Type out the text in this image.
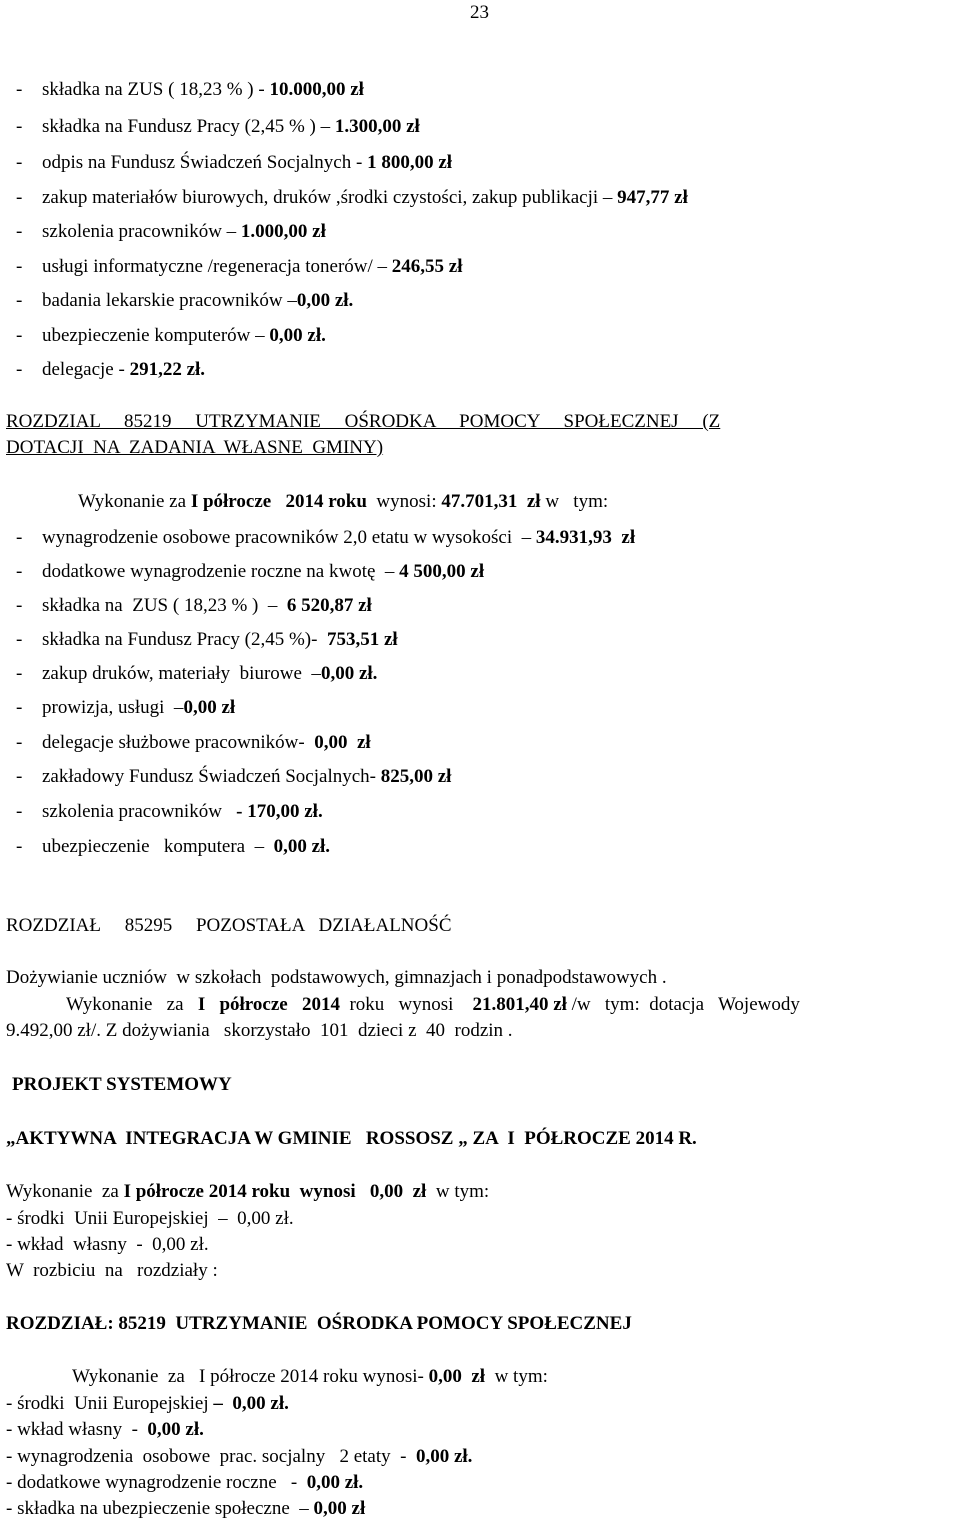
23
- składka na ZUS ( 18,23 % ) - 10.000,00 zł
- składka na Fundusz Pracy (2,45 % ) – 1.300,00 zł
- odpis na Fundusz Świadczeń Socjalnych - 1 800,00 zł
- zakup materiałów biurowych, druków ,środki czystości, zakup publikacji – 947,77 zł
- szkolenia pracowników – 1.000,00 zł
- usługi informatyczne /regeneracja tonerów/ – 246,55 zł
- badania lekarskie pracowników –0,00 zł.
- ubezpieczenie komputerów – 0,00 zł.
- delegacje - 291,22 zł.
ROZDZIAL     85219     UTRZYMANIE     OŚRODKA     POMOCY     SPOŁECZNEJ     (Z
DOTACJI  NA  ZADANIA  WŁASNE  GMINY)
Wykonanie za I półrocze   2014 roku  wynosi: 47.701,31  zł w   tym:
- wynagrodzenie osobowe pracowników 2,0 etatu w wysokości  – 34.931,93  zł
- dodatkowe wynagrodzenie roczne na kwotę  – 4 500,00 zł
- składka na  ZUS ( 18,23 % )  –  6 520,87 zł
- składka na Fundusz Pracy (2,45 %)-  753,51 zł
- zakup druków, materiały  biurowe  –0,00 zł.
- prowizja, usługi  –0,00 zł
- delegacje służbowe pracowników-  0,00  zł
- zakładowy Fundusz Świadczeń Socjalnych- 825,00 zł
- szkolenia pracowników   - 170,00 zł.
- ubezpieczenie   komputera  –  0,00 zł.
ROZDZIAŁ     85295     POZOSTAŁA   DZIAŁALNOŚĆ
Dożywianie uczniów  w szkołach  podstawowych, gimnazjach i ponadpodstawowych .
Wykonanie   za   I   półrocze   2014  roku   wynosi    21.801,40 zł /w   tym:  dotacja   Wojewody
9.492,00 zł/. Z dożywiania   skorzystało  101  dzieci z  40  rodzin .
PROJEKT SYSTEMOWY
„AKTYWNA  INTEGRACJA W GMINIE   ROSSOSZ „ ZA  I  PÓŁROCZE 2014 R.
Wykonanie  za I półrocze 2014 roku  wynosi   0,00  zł  w tym:
- środki  Unii Europejskiej  –  0,00 zł.
- wkład  własny  -  0,00 zł.
W  rozbiciu  na   rozdziały :
ROZDZIAŁ: 85219  UTRZYMANIE  OŚRODKA POMOCY SPOŁECZNEJ
Wykonanie  za   I półrocze 2014 roku wynosi- 0,00  zł  w tym:
- środki  Unii Europejskiej –  0,00 zł.
- wkład własny  -  0,00 zł.
- wynagrodzenia  osobowe  prac. socjalny   2 etaty  -  0,00 zł.
- dodatkowe wynagrodzenie roczne   -  0,00 zł.
- składka na ubezpieczenie społeczne  – 0,00 zł
